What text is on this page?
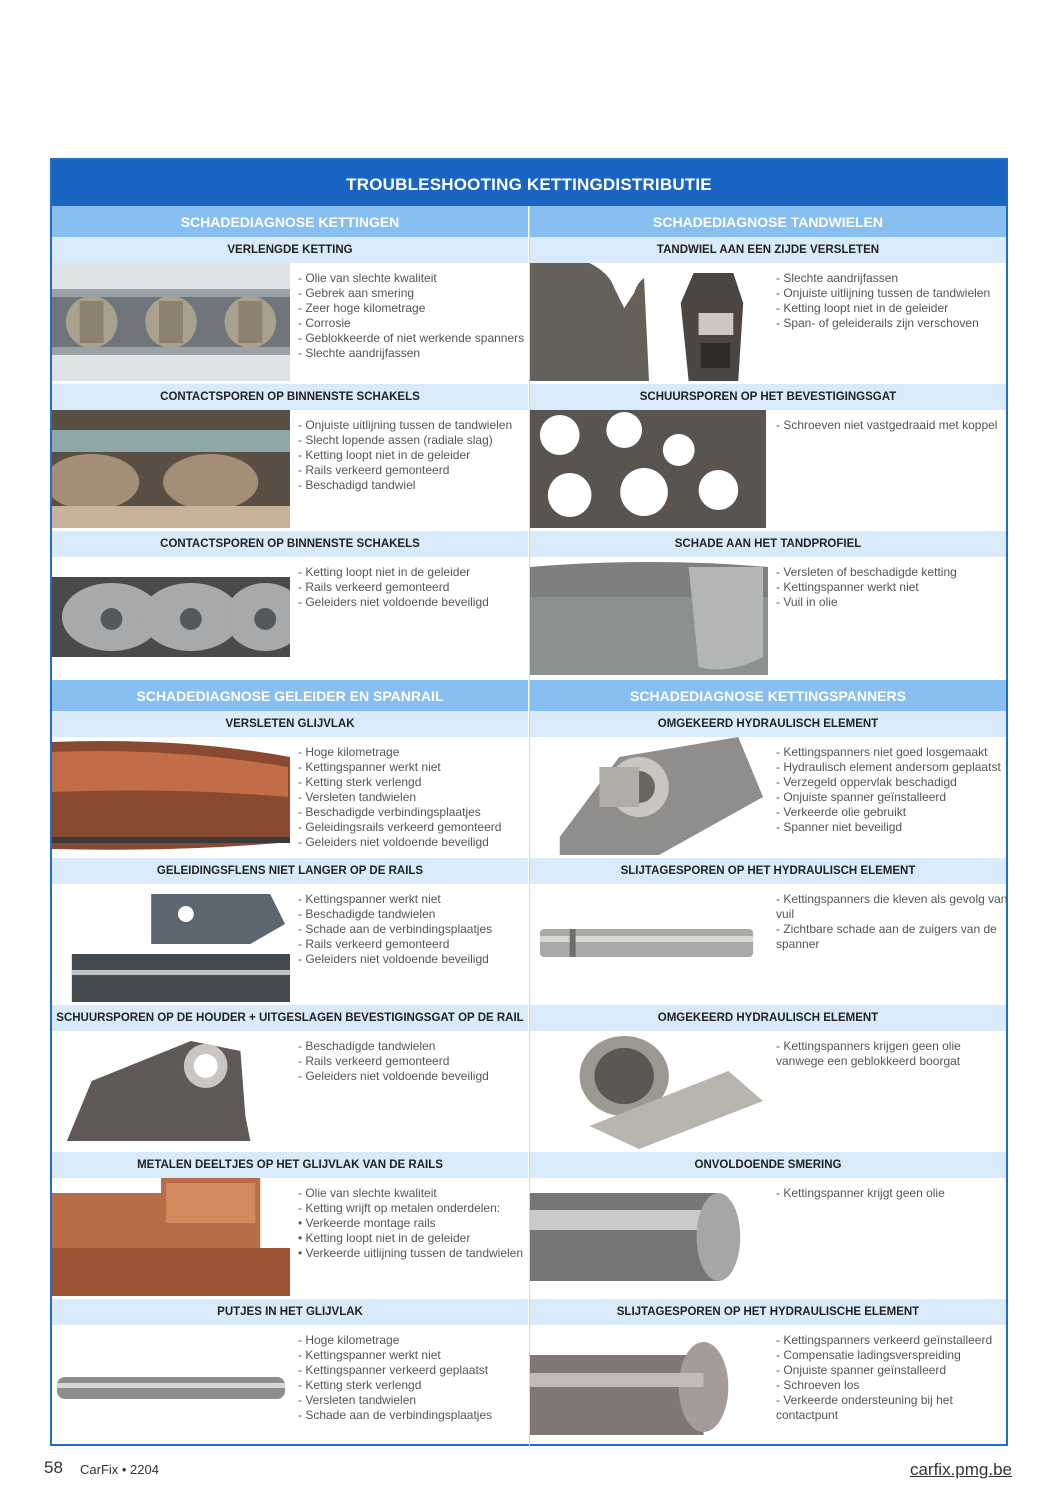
TROUBLESHOOTING KETTINGDISTRIBUTIE
SCHADEDIAGNOSE KETTINGEN	SCHADEDIAGNOSE TANDWIELEN
SCHADEDIAGNOSE GELEIDER EN SPANRAIL	SCHADEDIAGNOSE KETTINGSPANNERS
VERLENGDE KETTING
- Olie van slechte kwaliteit
- Gebrek aan smering
- Zeer hoge kilometrage
- Corrosie
- Geblokkeerde of niet werkende spanners
- Slechte aandrijfassen
CONTACTSPOREN OP BINNENSTE SCHAKELS
- Onjuiste uitlijning tussen de tandwielen
- Slecht lopende assen (radiale slag)
- Ketting loopt niet in de geleider
- Rails verkeerd gemonteerd
- Beschadigd tandwiel
CONTACTSPOREN OP BINNENSTE SCHAKELS
- Ketting loopt niet in de geleider
- Rails verkeerd gemonteerd
- Geleiders niet voldoende beveiligd
VERSLETEN GLIJVLAK
- Hoge kilometrage
- Kettingspanner werkt niet
- Ketting sterk verlengd
- Versleten tandwielen
- Beschadigde verbindingsplaatjes
- Geleidingsrails verkeerd gemonteerd
- Geleiders niet voldoende beveiligd
GELEIDINGSFLENS NIET LANGER OP DE RAILS
- Kettingspanner werkt niet
- Beschadigde tandwielen
- Schade aan de verbindingsplaatjes
- Rails verkeerd gemonteerd
- Geleiders niet voldoende beveiligd
SCHUURSPOREN OP DE HOUDER + UITGESLAGEN BEVESTIGINGSGAT OP DE RAIL
- Beschadigde tandwielen
- Rails verkeerd gemonteerd
- Geleiders niet voldoende beveiligd
METALEN DEELTJES OP HET GLIJVLAK VAN DE RAILS
- Olie van slechte kwaliteit
- Ketting wrijft op metalen onderdelen:
• Verkeerde montage rails
• Ketting loopt niet in de geleider
• Verkeerde uitlijning tussen de tandwielen
PUTJES IN HET GLIJVLAK
- Hoge kilometrage
- Kettingspanner werkt niet
- Kettingspanner verkeerd geplaatst
- Ketting sterk verlengd
- Versleten tandwielen
- Schade aan de verbindingsplaatjes
TANDWIEL AAN EEN ZIJDE VERSLETEN
- Slechte aandrijfassen
- Onjuiste uitlijning tussen de tandwielen
- Ketting loopt niet in de geleider
- Span- of geleiderails zijn verschoven
SCHUURSPOREN OP HET BEVESTIGINGSGAT
- Schroeven niet vastgedraaid met koppel
SCHADE AAN HET TANDPROFIEL
- Versleten of beschadigde ketting
- Kettingspanner werkt niet
- Vuil in olie
OMGEKEERD HYDRAULISCH ELEMENT
- Kettingspanners niet goed losgemaakt
- Hydraulisch element andersom geplaatst
- Verzegeld oppervlak beschadigd
- Onjuiste spanner geïnstalleerd
- Verkeerde olie gebruikt
- Spanner niet beveiligd
SLIJTAGESPOREN OP HET HYDRAULISCH ELEMENT
- Kettingspanners die kleven als gevolg van
vuil
- Zichtbare schade aan de zuigers van de
spanner
OMGEKEERD HYDRAULISCH ELEMENT
- Kettingspanners krijgen geen olie
vanwege een geblokkeerd boorgat
ONVOLDOENDE SMERING
- Kettingspanner krijgt geen olie
SLIJTAGESPOREN OP HET HYDRAULISCHE ELEMENT
- Kettingspanners verkeerd geïnstalleerd
- Compensatie ladingsverspreiding
- Onjuiste spanner geïnstalleerd
- Schroeven los
- Verkeerde ondersteuning bij het
contactpunt
58 CarFix • 2204	carfix.pmg.be
